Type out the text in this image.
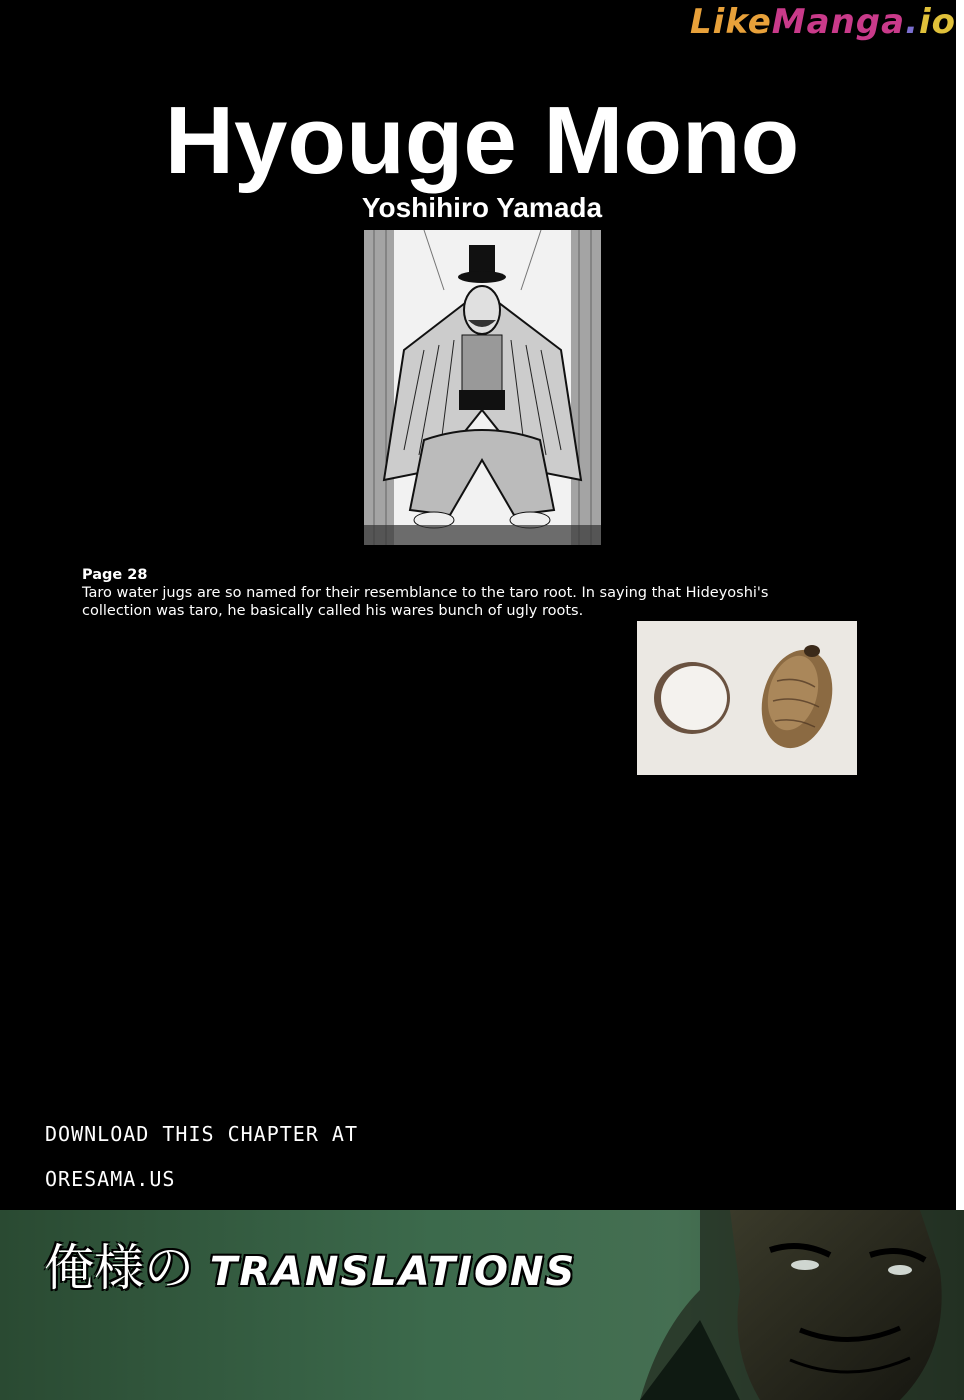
LikeManga.io
Hyouge Mono
Yoshihiro Yamada
Page 28
Taro water jugs are so named for their resemblance to the taro root. In saying that Hideyoshi's collection was taro, he basically called his wares bunch of ugly roots.
DOWNLOAD THIS CHAPTER AT
ORESAMA.US
俺様の TRANSLATIONS
